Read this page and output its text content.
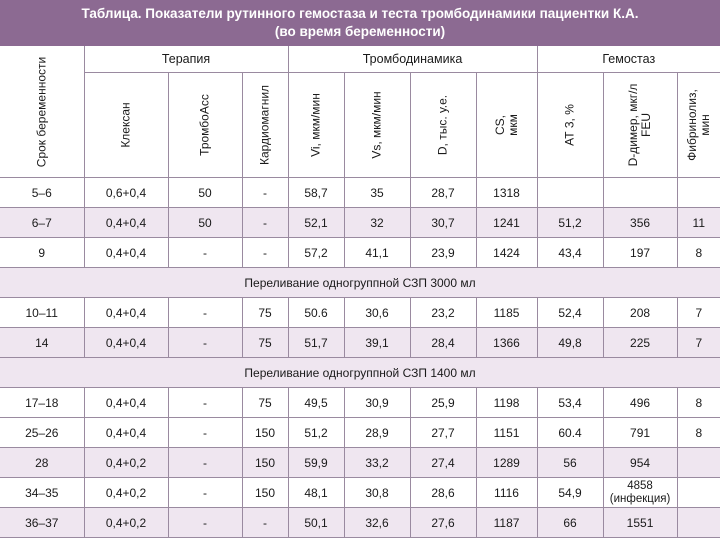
Таблица. Показатели рутинного гемостаза и теста тромбодинамики пациентки К.А.
(во время беременности)
Срок беременности	Терапия			Тромбодинамика				Гемостаз		

	Клексан	ТромбоАсс	Кардиомагнил	Vi, мкм/мин	Vs, мкм/мин	D, тыс. у.е.	CS, мкм	АТ 3, %	D-димер, мкг/л FEU	Фибринолиз, мин

5–6	0,6+0,4	50	-	58,7	35	28,7	1318			
6–7	0,4+0,4	50	-	52,1	32	30,7	1241	51,2	356	11
9	0,4+0,4	-	-	57,2	41,1	23,9	1424	43,4	197	8
Переливание одногруппной СЗП 3000 мл										
10–11	0,4+0,4	-	75	50.6	30,6	23,2	1185	52,4	208	7
14	0,4+0,4	-	75	51,7	39,1	28,4	1366	49,8	225	7
Переливание одногруппной СЗП 1400 мл										
17–18	0,4+0,4	-	75	49,5	30,9	25,9	1198	53,4	496	8
25–26	0,4+0,4	-	150	51,2	28,9	27,7	1151	60.4	791	8
28	0,4+0,2	-	150	59,9	33,2	27,4	1289	56	954	
34–35	0,4+0,2	-	150	48,1	30,8	28,6	1116	54,9	4858
(инфекция)	

36–37	0,4+0,2	-	-	50,1	32,6	27,6	1187	66	1551	
